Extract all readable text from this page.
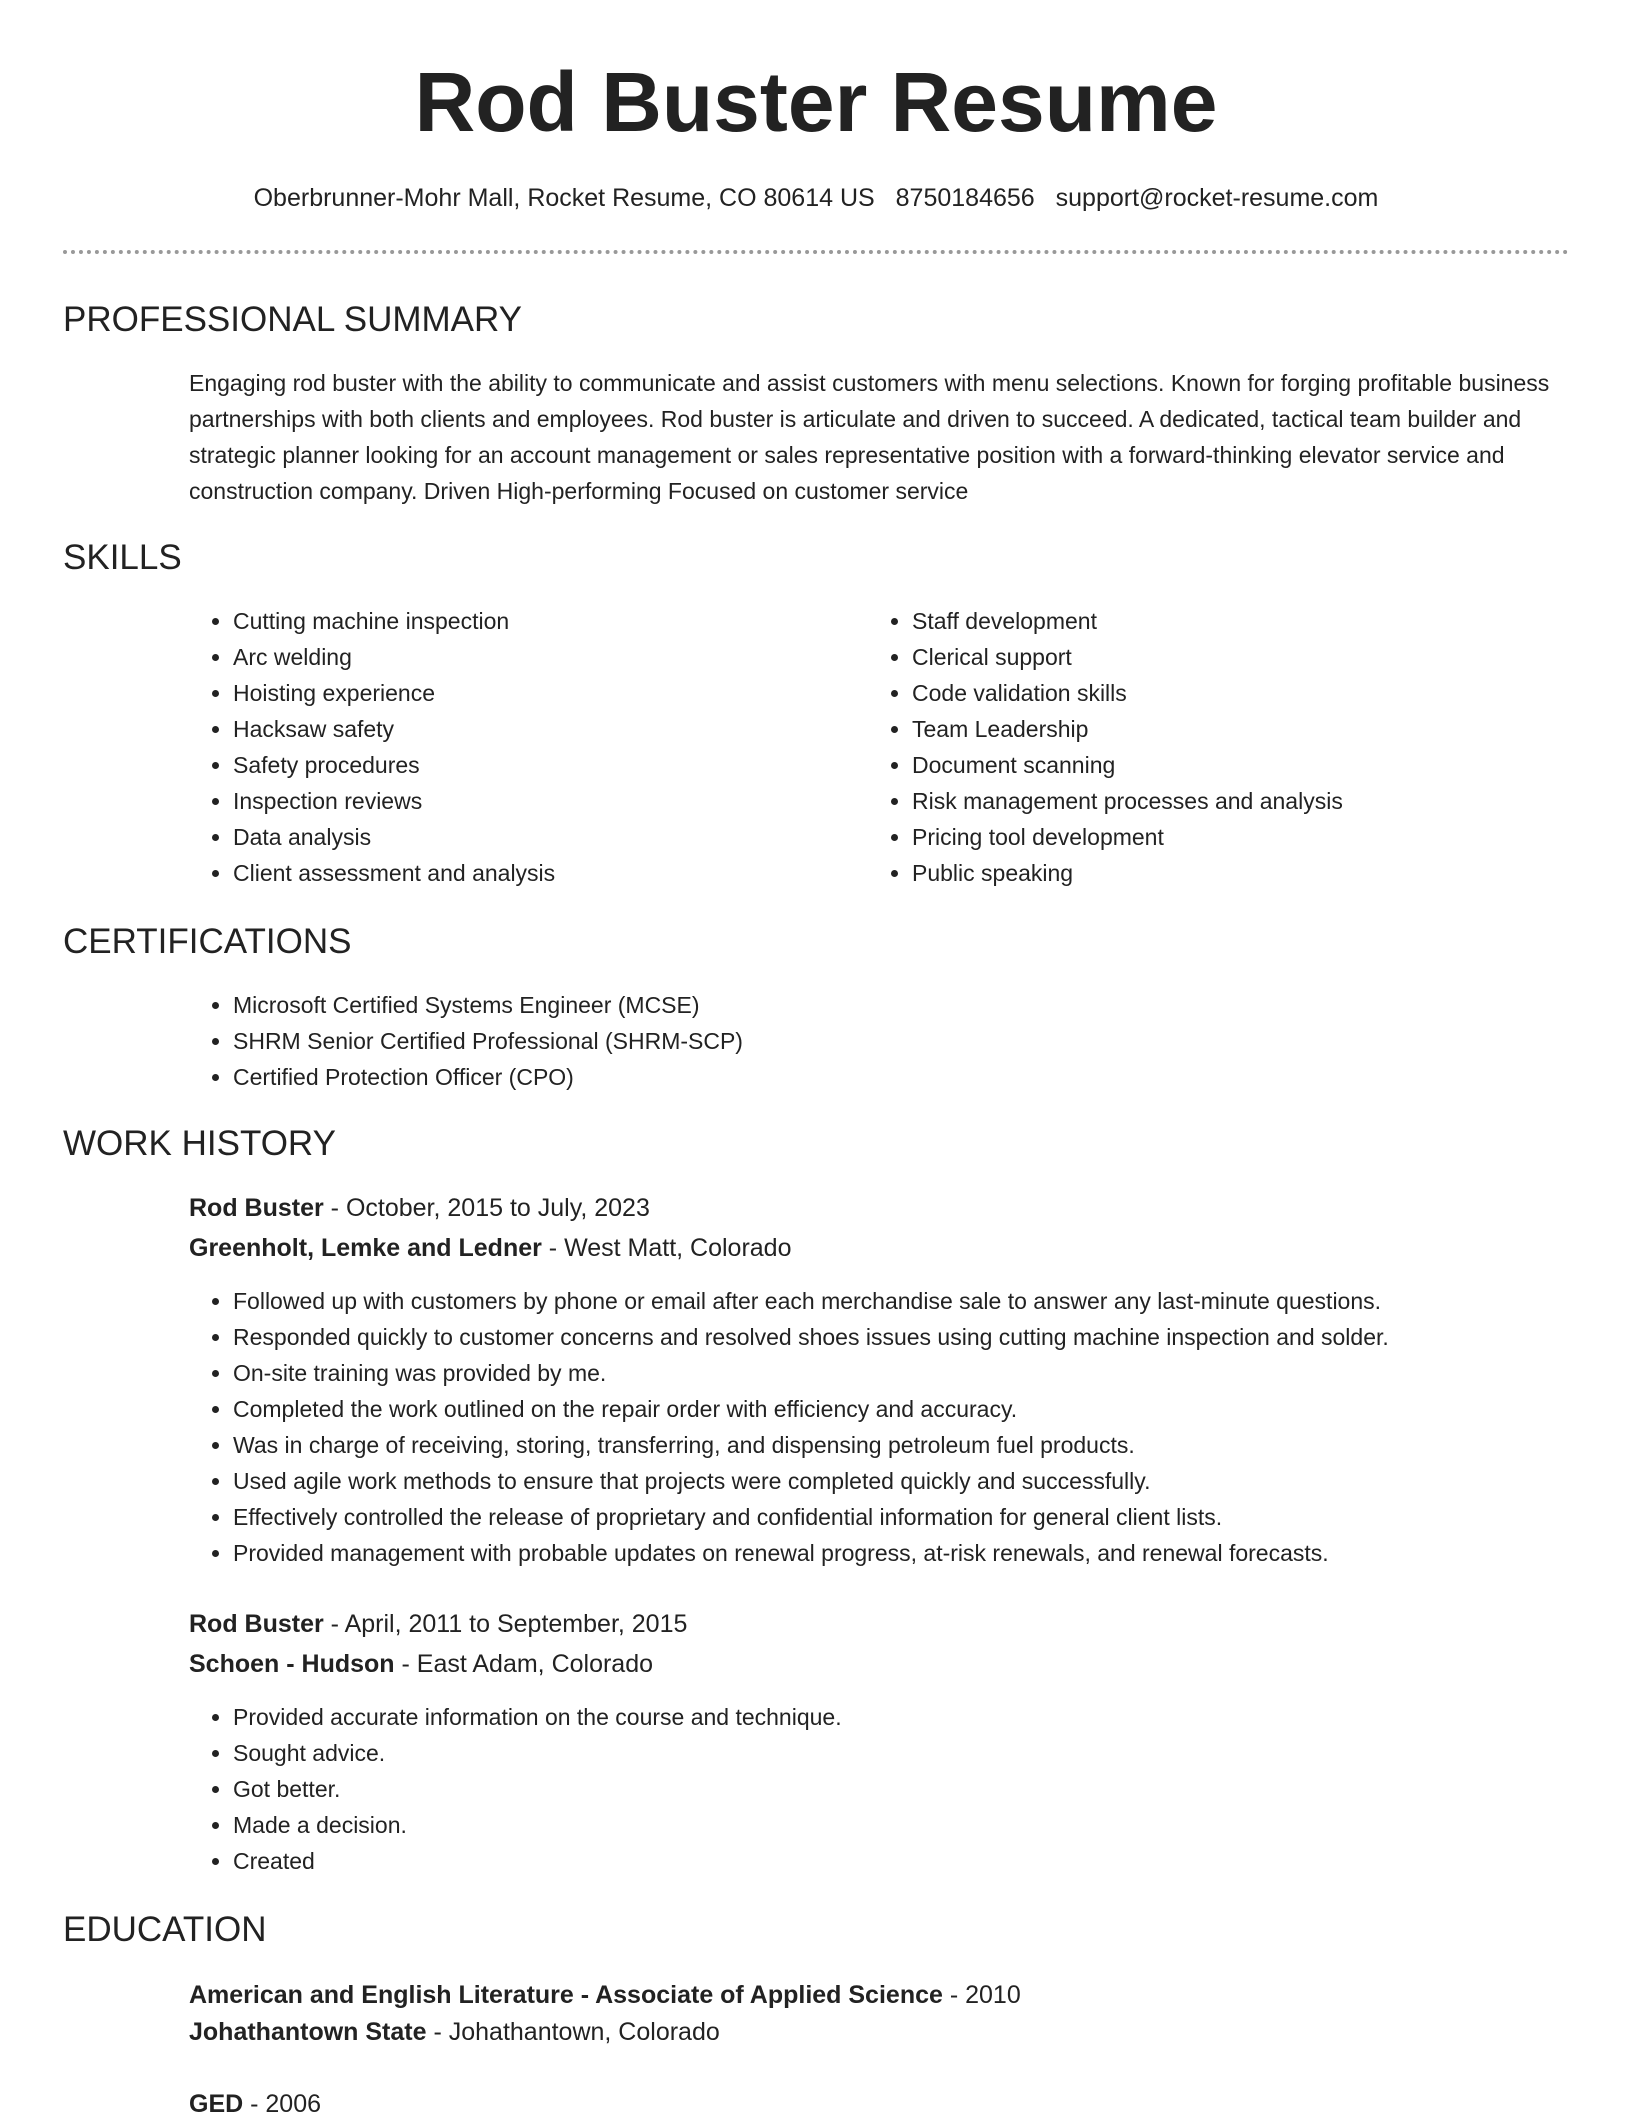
Rod Buster Resume
Oberbrunner-Mohr Mall, Rocket Resume, CO 80614 US 8750184656 support@rocket-resume.com
PROFESSIONAL SUMMARY

Engaging rod buster with the ability to communicate and assist customers with menu selections. Known for forging profitable business partnerships with both clients and employees. Rod buster is articulate and driven to succeed. A dedicated, tactical team builder and strategic planner looking for an account management or sales representative position with a forward-thinking elevator service and construction company. Driven High-performing Focused on customer service

SKILLS
• Cutting machine inspection
• Arc welding
• Hoisting experience
• Hacksaw safety
• Safety procedures
• Inspection reviews
• Data analysis
• Client assessment and analysis
• Staff development
• Clerical support
• Code validation skills
• Team Leadership
• Document scanning
• Risk management processes and analysis
• Pricing tool development
• Public speaking
CERTIFICATIONS
• Microsoft Certified Systems Engineer (MCSE)
• SHRM Senior Certified Professional (SHRM-SCP)
• Certified Protection Officer (CPO)
WORK HISTORY
Rod Buster - October, 2015 to July, 2023
Greenholt, Lemke and Ledner - West Matt, Colorado
• Followed up with customers by phone or email after each merchandise sale to answer any last-minute questions.
• Responded quickly to customer concerns and resolved shoes issues using cutting machine inspection and solder.
• On-site training was provided by me.
• Completed the work outlined on the repair order with efficiency and accuracy.
• Was in charge of receiving, storing, transferring, and dispensing petroleum fuel products.
• Used agile work methods to ensure that projects were completed quickly and successfully.
• Effectively controlled the release of proprietary and confidential information for general client lists.
• Provided management with probable updates on renewal progress, at-risk renewals, and renewal forecasts.
Rod Buster - April, 2011 to September, 2015
Schoen - Hudson - East Adam, Colorado
• Provided accurate information on the course and technique.
• Sought advice.
• Got better.
• Made a decision.
• Created
EDUCATION
American and English Literature - Associate of Applied Science - 2010
Johathantown State - Johathantown, Colorado
GED - 2006
